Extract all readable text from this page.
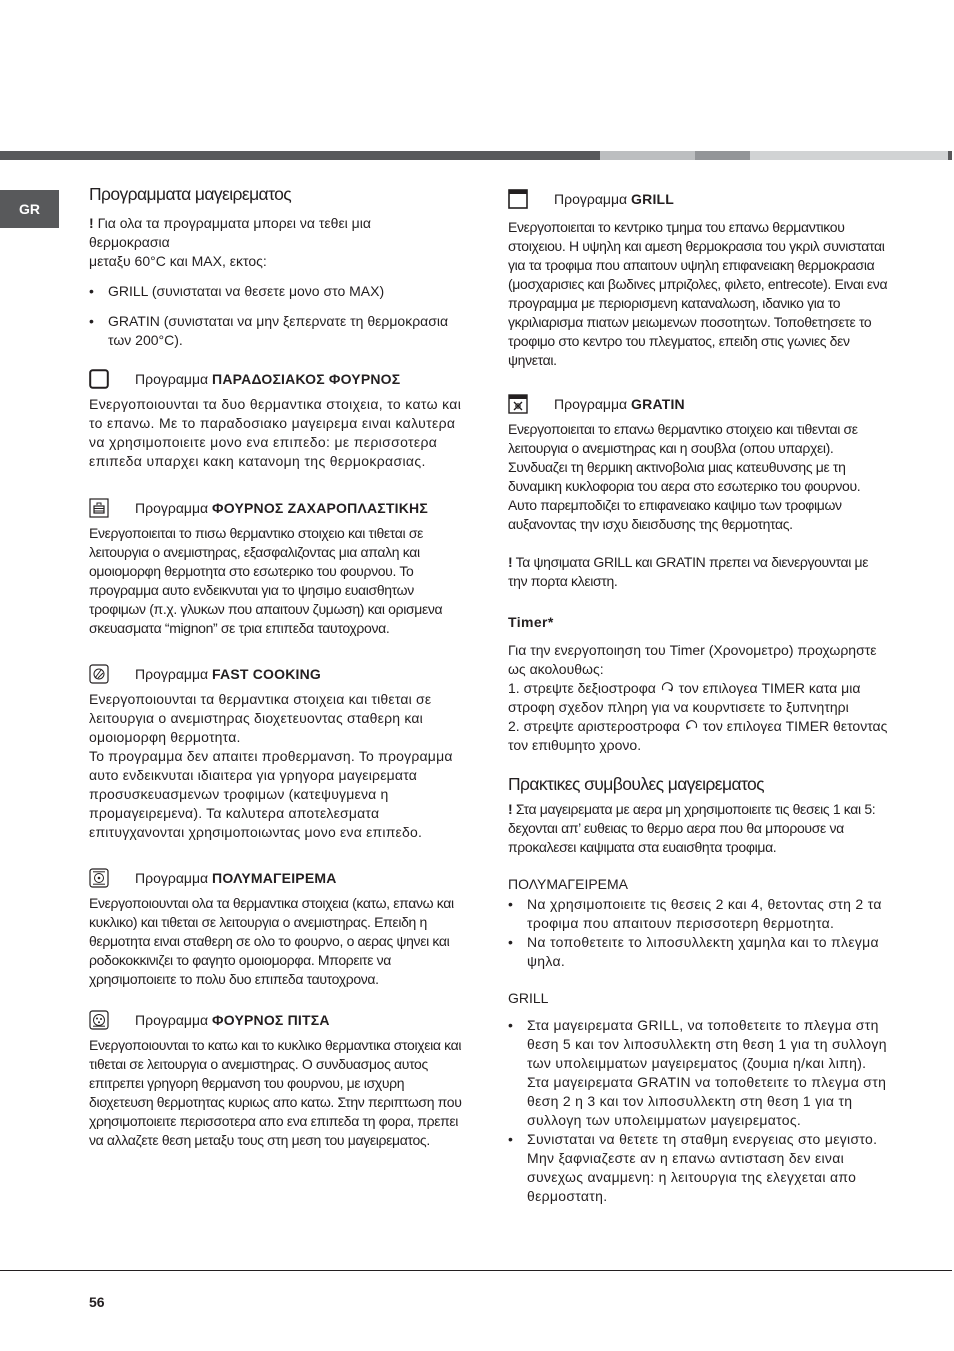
GR
Προγραμματα μαγειρεματος

! Για ολα τα προγραμματα μπορει να τεθει μια
θερμοκρασια
μεταξυ 60°C και MAX, εκτος:

• GRILL (συνισταται να θεσετε μονο στο MAX)
• GRATIN (συνισταται να μην ξεπερνατε τη θερμοκρασια των 200°C).
Προγραμμα ΠΑΡΑΔΟΣΙΑΚΟΣ ΦΟΥΡΝΟΣ

Ενεργοποιουνται τα δυο θερμαντικα στοιχεια, το κατω και το επανω. Με το παραδοσιακο μαγειρεμα ειναι καλυτερα να χρησιμοποιειτε μονο ενα επιπεδο: με περισσοτερα επιπεδα υπαρχει κακη κατανομη της θερμοκρασιας.

Προγραμμα ΦΟΥΡΝΟΣ ΖΑΧΑΡΟΠΛΑΣΤΙΚΗΣ

Ενεργοποιειται το πισω θερμαντικο στοιχειο και τιθεται σε λειτουργια ο ανεμιστηρας, εξασφαλιζοντας μια απαλη και ομοιομορφη θερμοτητα στο εσωτερικο του φουρνου. Το προγραμμα αυτο ενδεικνυται για το ψησιμο ευαισθητων τροφιμων (π.χ. γλυκων που απαιτουν ζυμωση) και ορισμενα σκευασματα “mignon” σε τρια επιπεδα ταυτοχρονα.

Προγραμμα FAST COOKING

Ενεργοποιουνται τα θερμαντικα στοιχεια και τιθεται σε λειτουργια ο ανεμιστηρας διοχετευοντας σταθερη και ομοιομορφη θερμοτητα.
Το προγραμμα δεν απαιτει προθερμανση. Το προγραμμα αυτο ενδεικνυται ιδιαιτερα για γρηγορα μαγειρεματα προσυσκευασμενων τροφιμων (κατεψυγμενα η προμαγειρεμενα). Τα καλυτερα αποτελεσματα επιτυγχανονται χρησιμοποιωντας μονο ενα επιπεδο.

Προγραμμα ΠΟΛΥΜΑΓΕΙΡΕΜΑ

Ενεργοποιουνται ολα τα θερμαντικα στοιχεια (κατω, επανω και κυκλικο) και τιθεται σε λειτουργια ο ανεμιστηρας. Επειδη η θερμοτητα ειναι σταθερη σε ολο το φουρνο, ο αερας ψηνει και ροδοκοκκινιζει το φαγητο ομοιομορφα. Μπορειτε να χρησιμοποιειτε το πολυ δυο επιπεδα ταυτοχρονα.

Προγραμμα ΦΟΥΡΝΟΣ ΠΙΤΣΑ

Ενεργοποιουνται το κατω και το κυκλικο θερμαντικα στοιχεια και τιθεται σε λειτουργια ο ανεμιστηρας. Ο συνδυασμος αυτος επιτρεπει γρηγορη θερμανση του φουρνου, με ισχυρη διοχετευση θερμοτητας κυριως απο κατω. Στην περιπτωση που χρησιμοποιειτε περισσοτερα απο ενα επιπεδα τη φορα, πρεπει να αλλαζετε θεση μεταξυ τους στη μεση του μαγειρεματος.

Προγραμμα GRILL

Ενεργοποιειται το κεντρικο τμημα του επανω θερμαντικου στοιχειου. Η υψηλη και αμεση θερμοκρασια του γκριλ συνισταται για τα τροφιμα που απαιτουν υψηλη επιφανειακη θερμοκρασια (μοσχαρισιες και βωδινες μπριζολες, φιλετο, entrecote). Ειναι ενα προγραμμα με περιορισμενη καταναλωση, ιδανικο για το γκριλιαρισμα πιατων μειωμενων ποσοτητων. Τοποθετησετε το τροφιμο στο κεντρο του πλεγματος, επειδη στις γωνιες δεν ψηνεται.

Προγραμμα GRATIN

Ενεργοποιειται το επανω θερμαντικο στοιχειο και τιθενται σε λειτουργια ο ανεμιστηρας και η σουβλα (οπου υπαρχει). Συνδυαζει τη θερμικη ακτινοβολια μιας κατευθυνσης με τη δυναμικη κυκλοφορια του αερα στο εσωτερικο του φουρνου. Αυτο παρεμποδιζει το επιφανειακο καψιμο των τροφιμων αυξανοντας την ισχυ διεισδυσης της θερμοτητας.

! Τα ψησιματα GRILL και GRATIN πρεπει να διενεργουνται με την πορτα κλειστη.

Timer*

Για την ενεργοποιηση του Timer (Χρονομετρο) προχωρηστε ως ακολουθως:

1. στρεψτε δεξιοστροφα τον επιλογεα TIMER κατα μια στροφη σχεδον πληρη για να κουρντισετε το ξυπνητηρι

2. στρεψτε αριστεροστροφα τον επιλογεα TIMER θετοντας τον επιθυμητο χρονο.

Πρακτικες συμβουλες μαγειρεματος

! Στα μαγειρεματα με αερα μη χρησιμοποιειτε τις θεσεις 1 και 5: δεχονται απ’ ευθειας το θερμο αερα που θα μπορουσε να προκαλεσει καψιματα στα ευαισθητα τροφιμα.

ΠΟΛΥΜΑΓΕΙΡΕΜΑ

• Να χρησιμοποιειτε τις θεσεις 2 και 4, θετοντας στη 2 τα τροφιμα που απαιτουν περισσοτερη θερμοτητα.
• Να τοποθετειτε το λιποσυλλεκτη χαμηλα και το πλεγμα ψηλα.

GRILL

• Στα μαγειρεματα GRILL, να τοποθετειτε το πλεγμα στη θεση 5 και τον λιποσυλλεκτη στη θεση 1 για τη συλλογη των υπολειμματων μαγειρεματος (ζουμια η/και λιπη). Στα μαγειρεματα GRATIN να τοποθετειτε το πλεγμα στη θεση 2 η 3 και τον λιποσυλλεκτη στη θεση 1 για τη συλλογη των υπολειμματων μαγειρεματος.
• Συνισταται να θετετε τη σταθμη ενεργειας στο μεγιστο. Μην ξαφνιαζεστε αν η επανω αντισταση δεν ειναι συνεχως αναμμενη: η λειτουργια της ελεγχεται απο θερμοστατη.
56
